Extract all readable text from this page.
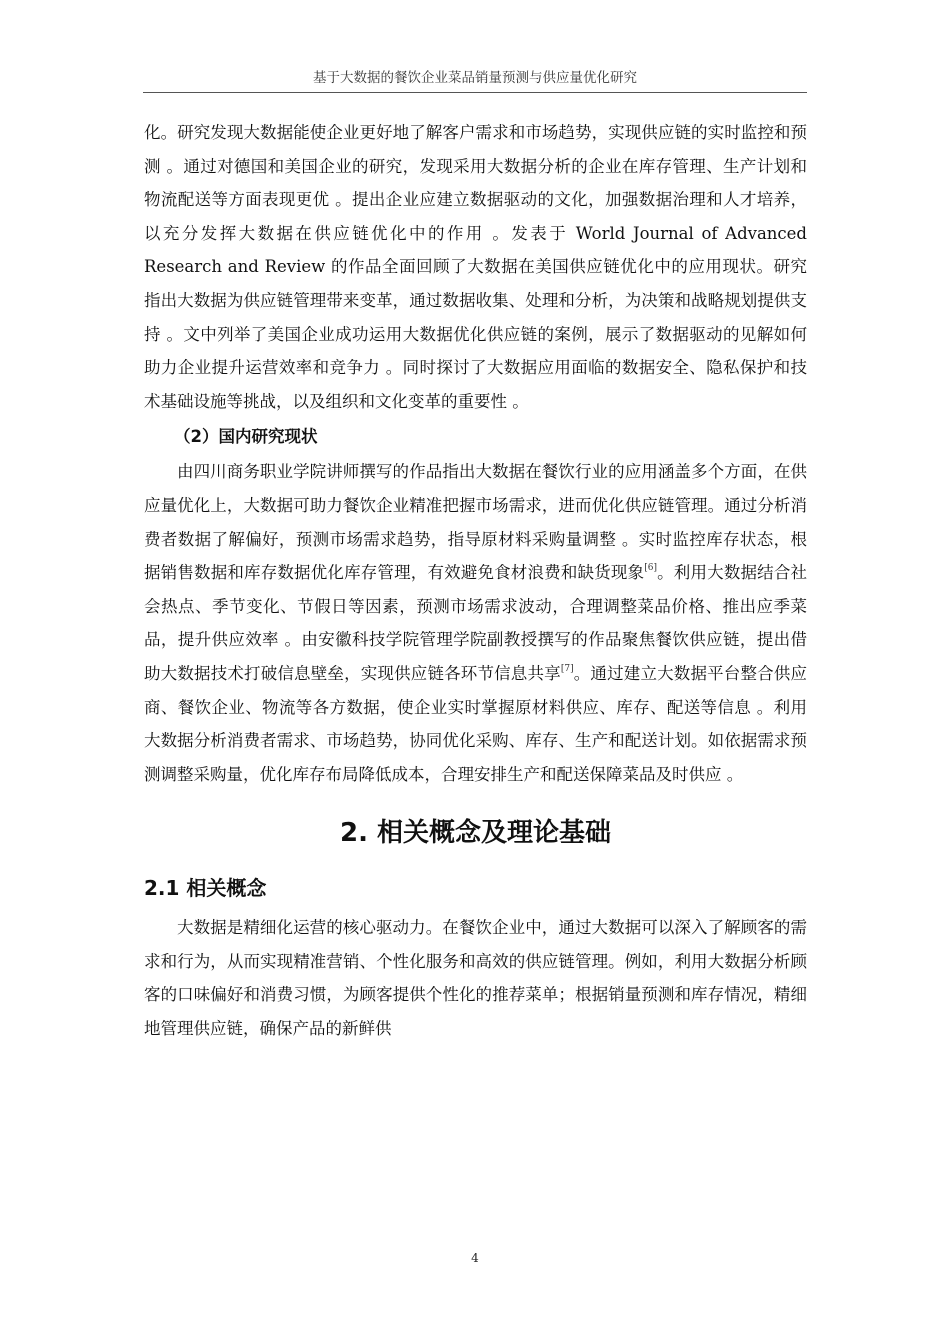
基于大数据的餐饮企业菜品销量预测与供应量优化研究

化。研究发现大数据能使企业更好地了解客户需求和市场趋势，实现供应链的实时监控和预测 。通过对德国和美国企业的研究，发现采用大数据分析的企业在库存管理、生产计划和物流配送等方面表现更优 。提出企业应建立数据驱动的文化，加强数据治理和人才培养，以充分发挥大数据在供应链优化中的作用 。发表于 World Journal of Advanced Research and Review 的作品全面回顾了大数据在美国供应链优化中的应用现状。研究指出大数据为供应链管理带来变革，通过数据收集、处理和分析，为决策和战略规划提供支持 。文中列举了美国企业成功运用大数据优化供应链的案例，展示了数据驱动的见解如何助力企业提升运营效率和竞争力 。同时探讨了大数据应用面临的数据安全、隐私保护和技术基础设施等挑战，以及组织和文化变革的重要性 。

（2）国内研究现状

由四川商务职业学院讲师撰写的作品指出大数据在餐饮行业的应用涵盖多个方面，在供应量优化上，大数据可助力餐饮企业精准把握市场需求，进而优化供应链管理。通过分析消费者数据了解偏好，预测市场需求趋势，指导原材料采购量调整 。实时监控库存状态，根据销售数据和库存数据优化库存管理，有效避免食材浪费和缺货现象[6]。利用大数据结合社会热点、季节变化、节假日等因素，预测市场需求波动，合理调整菜品价格、推出应季菜品，提升供应效率 。由安徽科技学院管理学院副教授撰写的作品聚焦餐饮供应链，提出借助大数据技术打破信息壁垒，实现供应链各环节信息共享[7]。通过建立大数据平台整合供应商、餐饮企业、物流等各方数据，使企业实时掌握原材料供应、库存、配送等信息 。利用大数据分析消费者需求、市场趋势，协同优化采购、库存、生产和配送计划。如依据需求预测调整采购量，优化库存布局降低成本，合理安排生产和配送保障菜品及时供应 。

2. 相关概念及理论基础
2.1 相关概念

大数据是精细化运营的核心驱动力。在餐饮企业中，通过大数据可以深入了解顾客的需求和行为，从而实现精准营销、个性化服务和高效的供应链管理。例如，利用大数据分析顾客的口味偏好和消费习惯，为顾客提供个性化的推荐菜单；根据销量预测和库存情况，精细地管理供应链，确保产品的新鲜供

4
